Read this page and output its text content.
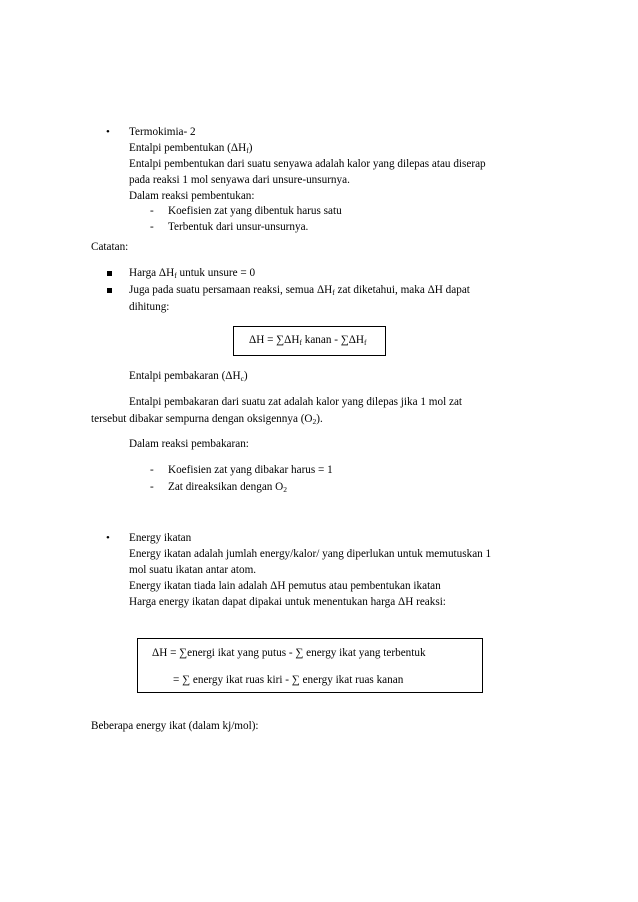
• Termokimia- 2
Entalpi pembentukan $(\Delta H_f)$
Entalpi pembentukan dari suatu senyawa adalah kalor yang dilepas atau diserap
pada reaksi 1 mol senyawa dari unsure-unsurnya.
Dalam reaksi pembentukan:
- Koefisien zat yang dibentuk harus satu
- Terbentuk dari unsur-unsurnya.
Catatan:
Harga $\Delta H_f$ untuk unsure = 0
Juga pada suatu persamaan reaksi, semua $\Delta H_f$ zat diketahui, maka ΔH dapat
dihitung:
$\Delta H = \sum\Delta H_f$ kanan - $\sum\Delta H_f$
Entalpi pembakaran $(\Delta H_c)$
Entalpi pembakaran dari suatu zat adalah kalor yang dilepas jika 1 mol zat
tersebut dibakar sempurna dengan oksigennya $(O_2)$.
Dalam reaksi pembakaran:
- Koefisien zat yang dibakar harus = 1
- Zat direaksikan dengan $O_2$
• Energy ikatan
Energy ikatan adalah jumlah energy/kalor/ yang diperlukan untuk memutuskan 1
mol suatu ikatan antar atom.
Energy ikatan tiada lain adalah ΔH pemutus atau pembentukan ikatan
Harga energy ikatan dapat dipakai untuk menentukan harga ΔH reaksi:
ΔH = ∑energi ikat yang putus - ∑ energy ikat yang terbentuk
= ∑ energy ikat ruas kiri - ∑ energy ikat ruas kanan
Beberapa energy ikat (dalam kj/mol):
